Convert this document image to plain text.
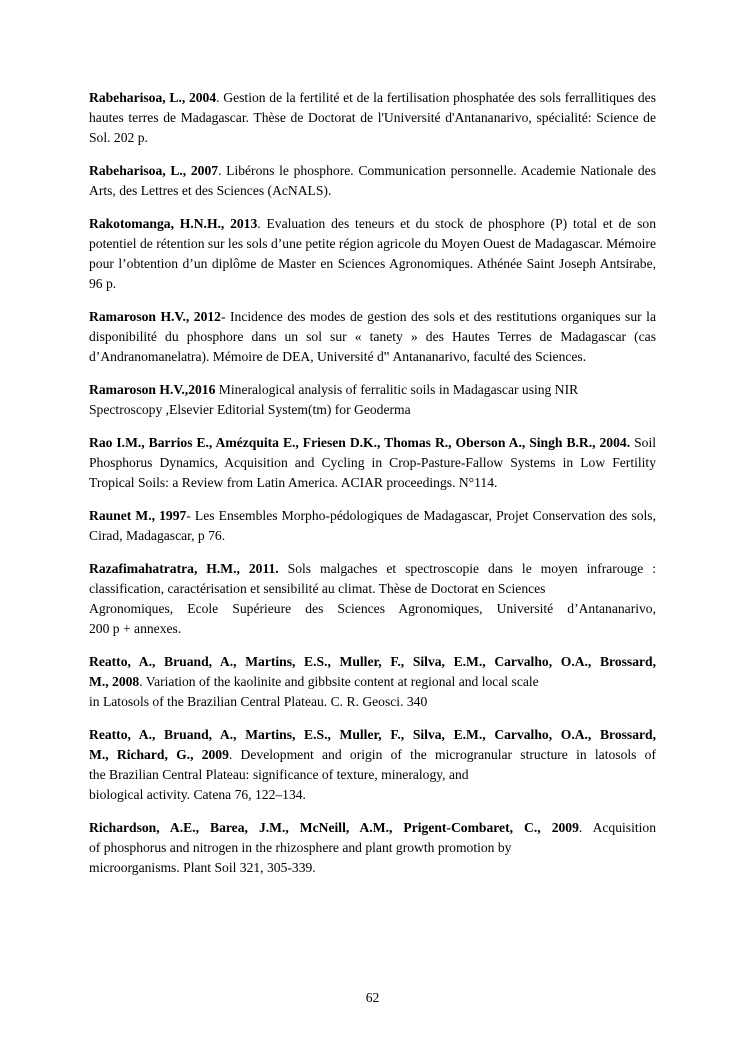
Rabeharisoa, L., 2004. Gestion de la fertilité et de la fertilisation phosphatée des sols ferrallitiques des hautes terres de Madagascar. Thèse de Doctorat de l'Université d'Antananarivo, spécialité: Science de Sol. 202 p.

Rabeharisoa, L., 2007. Libérons le phosphore. Communication personnelle. Academie Nationale des Arts, des Lettres et des Sciences (AcNALS).

Rakotomanga, H.N.H., 2013. Evaluation des teneurs et du stock de phosphore (P) total et de son potentiel de rétention sur les sols d’une petite région agricole du Moyen Ouest de Madagascar. Mémoire pour l’obtention d’un diplôme de Master en Sciences Agronomiques. Athénée Saint Joseph Antsirabe, 96 p.

Ramaroson H.V., 2012- Incidence des modes de gestion des sols et des restitutions organiques sur la disponibilité du phosphore dans un sol sur « tanety » des Hautes Terres de Madagascar (cas d’Andranomanelatra). Mémoire de DEA, Université d‟ Antananarivo, faculté des Sciences.

Ramaroson H.V.,2016 Mineralogical analysis of ferralitic soils in Madagascar using NIR
Spectroscopy ,Elsevier Editorial System(tm) for Geoderma

Rao I.M., Barrios E., Amézquita E., Friesen D.K., Thomas R., Oberson A., Singh B.R., 2004. Soil Phosphorus Dynamics, Acquisition and Cycling in Crop-Pasture-Fallow Systems in Low Fertility Tropical Soils: a Review from Latin America. ACIAR proceedings. N°114.

Raunet M., 1997- Les Ensembles Morpho-pédologiques de Madagascar, Projet Conservation des sols, Cirad, Madagascar, p 76.

Razafimahatratra, H.M., 2011. Sols malgaches et spectroscopie dans le moyen infrarouge :
classification, caractérisation et sensibilité au climat. Thèse de Doctorat en Sciences
Agronomiques, Ecole Supérieure des Sciences Agronomiques, Université d’Antananarivo,
200 p + annexes.

Reatto, A., Bruand, A., Martins, E.S., Muller, F., Silva, E.M., Carvalho, O.A., Brossard,
M., 2008. Variation of the kaolinite and gibbsite content at regional and local scale
in Latosols of the Brazilian Central Plateau. C. R. Geosci. 340

Reatto, A., Bruand, A., Martins, E.S., Muller, F., Silva, E.M., Carvalho, O.A., Brossard,
M., Richard, G., 2009. Development and origin of the microgranular structure in latosols of
the Brazilian Central Plateau: significance of texture, mineralogy, and
biological activity. Catena 76, 122–134.

Richardson, A.E., Barea, J.M., McNeill, A.M., Prigent-Combaret, C., 2009. Acquisition
of phosphorus and nitrogen in the rhizosphere and plant growth promotion by
microorganisms. Plant Soil 321, 305-339.

62
